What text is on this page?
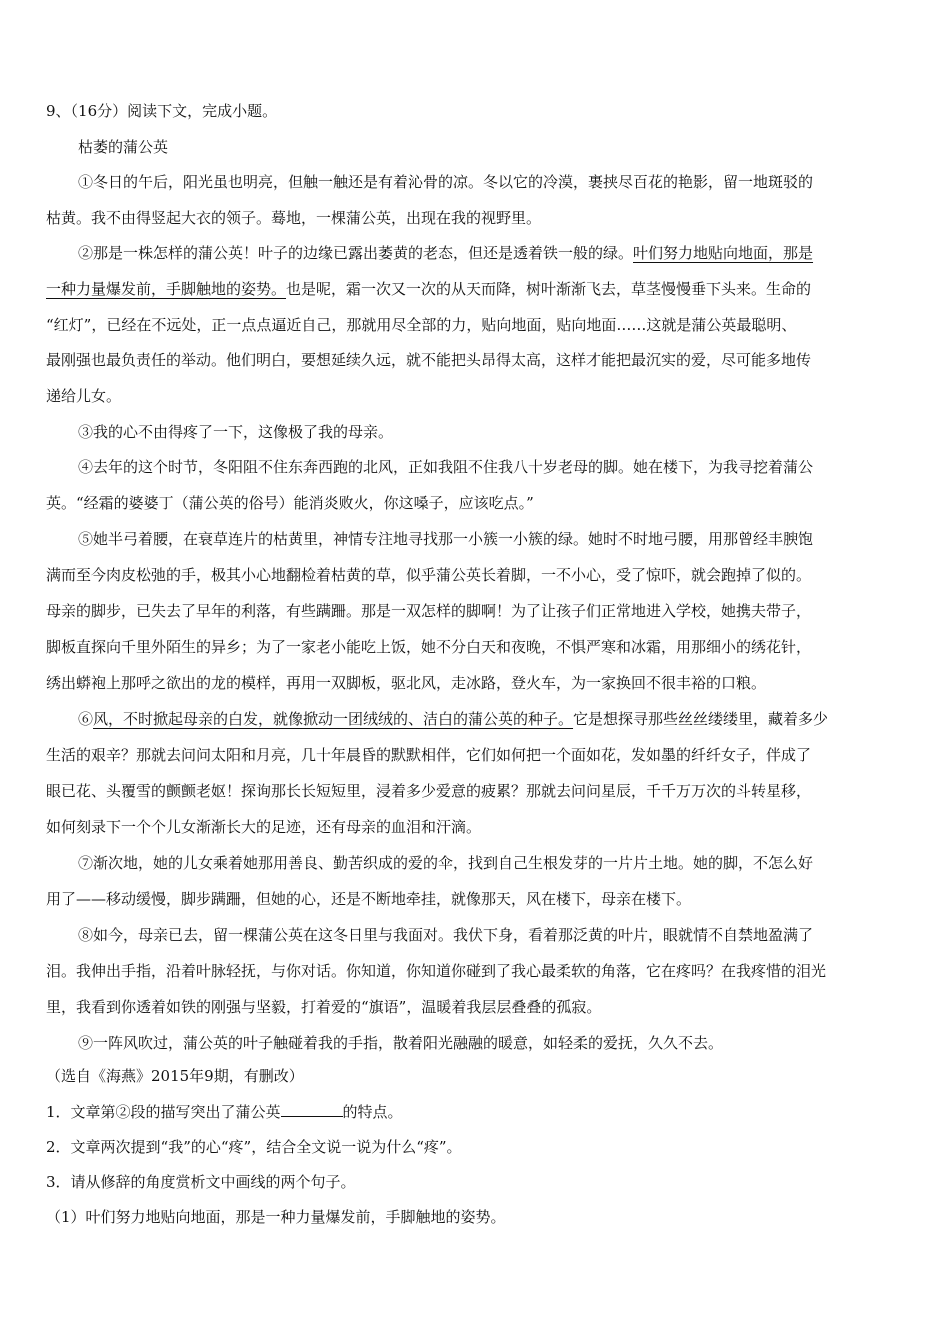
9、（16分）阅读下文，完成小题。
枯萎的蒲公英
①冬日的午后，阳光虽也明亮，但触一触还是有着沁骨的凉。冬以它的冷漠，裹挟尽百花的艳影，留一地斑驳的
枯黄。我不由得竖起大衣的领子。蓦地，一棵蒲公英，出现在我的视野里。
②那是一株怎样的蒲公英！叶子的边缘已露出萎黄的老态，但还是透着铁一般的绿。叶们努力地贴向地面，那是
一种力量爆发前，手脚触地的姿势。也是呢，霜一次又一次的从天而降，树叶渐渐飞去，草茎慢慢垂下头来。生命的
“红灯”，已经在不远处，正一点点逼近自己，那就用尽全部的力，贴向地面，贴向地面……这就是蒲公英最聪明、
最刚强也最负责任的举动。他们明白，要想延续久远，就不能把头昂得太高，这样才能把最沉实的爱，尽可能多地传
递给儿女。
③我的心不由得疼了一下，这像极了我的母亲。
④去年的这个时节，冬阳阻不住东奔西跑的北风，正如我阻不住我八十岁老母的脚。她在楼下，为我寻挖着蒲公
英。“经霜的婆婆丁（蒲公英的俗号）能消炎败火，你这嗓子，应该吃点。”
⑤她半弓着腰，在衰草连片的枯黄里，神情专注地寻找那一小簇一小簇的绿。她时不时地弓腰，用那曾经丰腴饱
满而至今肉皮松弛的手，极其小心地翻检着枯黄的草，似乎蒲公英长着脚，一不小心，受了惊吓，就会跑掉了似的。
母亲的脚步，已失去了早年的利落，有些蹒跚。那是一双怎样的脚啊！为了让孩子们正常地进入学校，她携夫带子，
脚板直探向千里外陌生的异乡；为了一家老小能吃上饭，她不分白天和夜晚，不惧严寒和冰霜，用那细小的绣花针，
绣出蟒袍上那呼之欲出的龙的模样，再用一双脚板，驱北风，走冰路，登火车，为一家换回不很丰裕的口粮。
⑥风，不时掀起母亲的白发，就像掀动一团绒绒的、洁白的蒲公英的种子。它是想探寻那些丝丝缕缕里，藏着多少
生活的艰辛？那就去问问太阳和月亮，几十年晨昏的默默相伴，它们如何把一个面如花，发如墨的纤纤女子，伴成了
眼已花、头覆雪的颤颤老妪！探询那长长短短里，浸着多少爱意的疲累？那就去问问星辰，千千万万次的斗转星移，
如何刻录下一个个儿女渐渐长大的足迹，还有母亲的血泪和汗滴。
⑦渐次地，她的儿女乘着她那用善良、勤苦织成的爱的伞，找到自己生根发芽的一片片土地。她的脚，不怎么好
用了——移动缓慢，脚步蹒跚，但她的心，还是不断地牵挂，就像那天，风在楼下，母亲在楼下。
⑧如今，母亲已去，留一棵蒲公英在这冬日里与我面对。我伏下身，看着那泛黄的叶片，眼就情不自禁地盈满了
泪。我伸出手指，沿着叶脉轻抚，与你对话。你知道，你知道你碰到了我心最柔软的角落，它在疼吗？在我疼惜的泪光
里，我看到你透着如铁的刚强与坚毅，打着爱的“旗语”，温暖着我层层叠叠的孤寂。
⑨一阵风吹过，蒲公英的叶子触碰着我的手指，散着阳光融融的暖意，如轻柔的爱抚，久久不去。
（选自《海燕》2015年9期，有删改）
1．文章第②段的描写突出了蒲公英	的特点。
2．文章两次提到“我”的心“疼”，结合全文说一说为什么“疼”。
3．请从修辞的角度赏析文中画线的两个句子。
（1）叶们努力地贴向地面，那是一种力量爆发前，手脚触地的姿势。
